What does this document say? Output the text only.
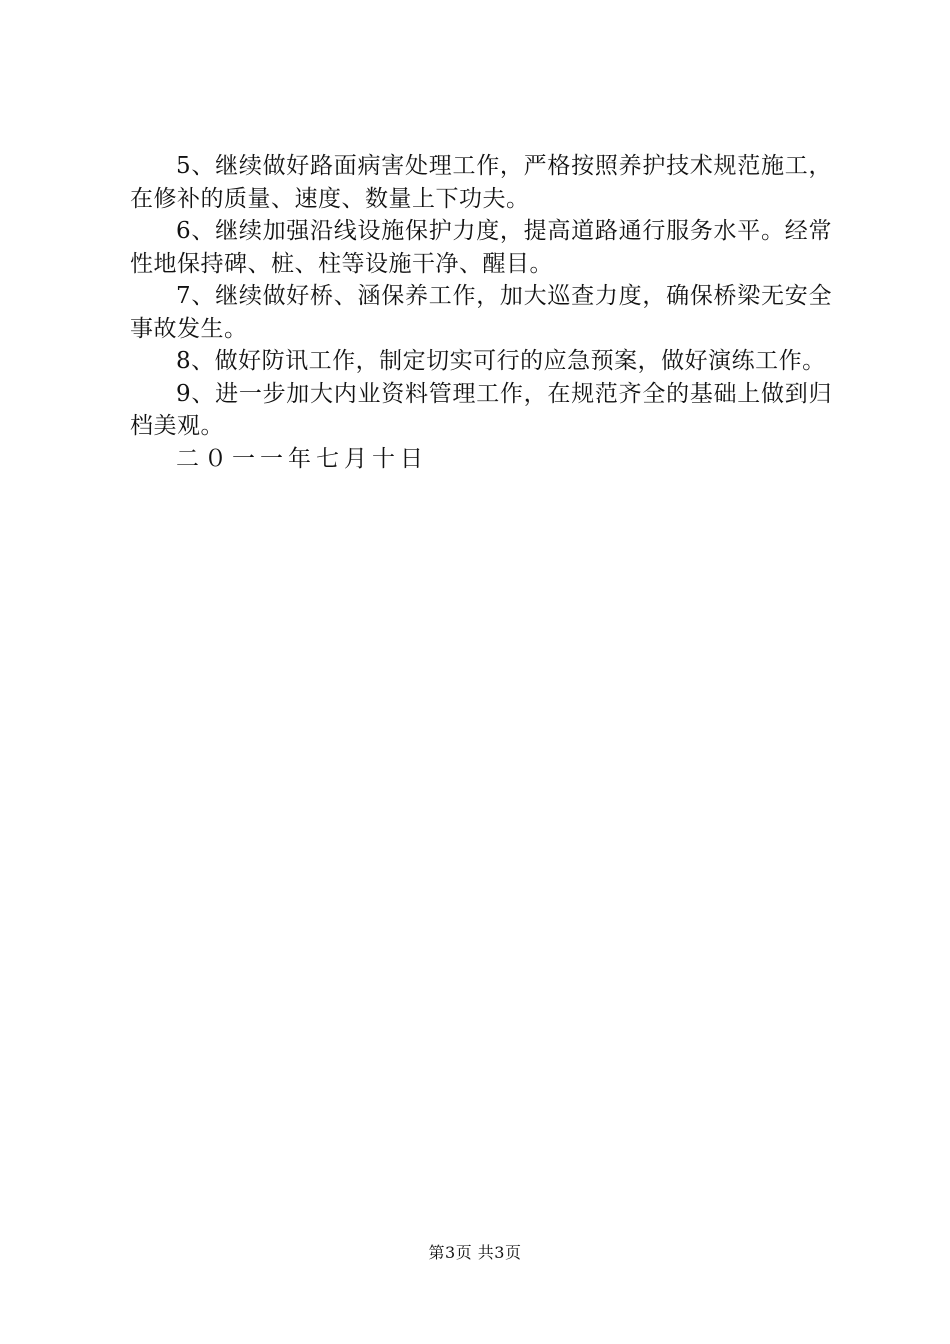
5、继续做好路面病害处理工作，严格按照养护技术规范施工，在修补的质量、速度、数量上下功夫。

6、继续加强沿线设施保护力度，提高道路通行服务水平。经常性地保持碑、桩、柱等设施干净、醒目。

7、继续做好桥、涵保养工作，加大巡查力度，确保桥梁无安全事故发生。

8、做好防讯工作，制定切实可行的应急预案，做好演练工作。

9、进一步加大内业资料管理工作，在规范齐全的基础上做到归档美观。

二０一一年七月十日

第3页 共3页
